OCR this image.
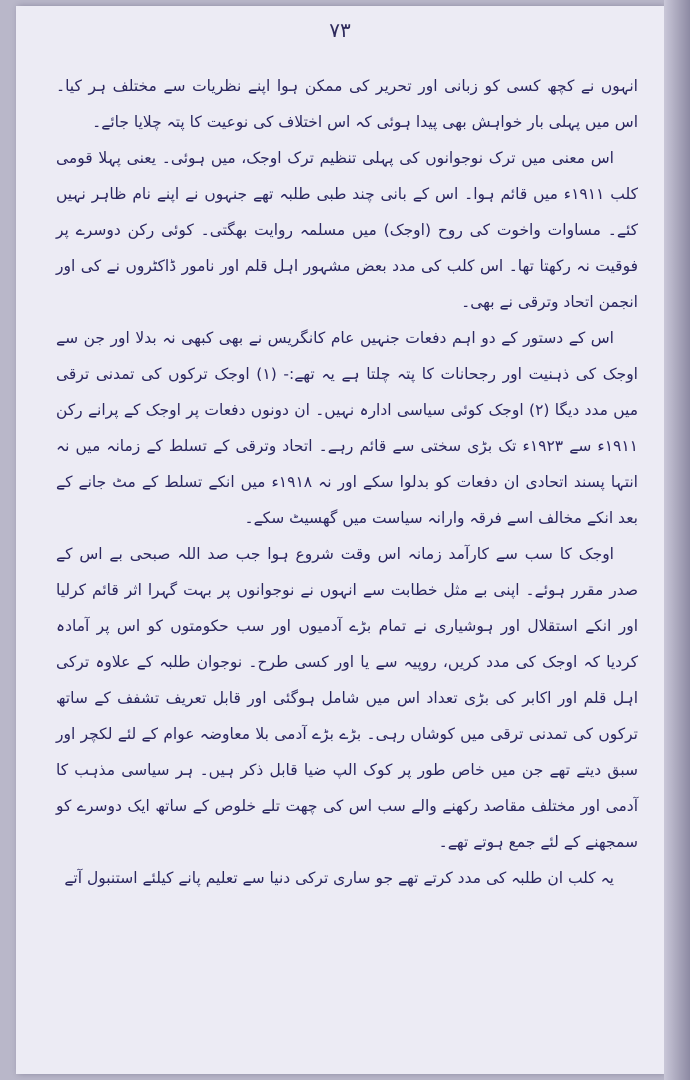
۷۳

انہوں نے کچھ کسی کو زبانی اور تحریر کی ممکن ہوا اپنے نظریات سے مختلف ہر کیا۔ اس میں پہلی بار خواہش بھی پیدا ہوئی کہ اس اختلاف کی نوعیت کا پتہ چلایا جائے۔

اس معنی میں ترک نوجوانوں کی پہلی تنظیم ترک اوجک، میں ہوئی۔ یعنی پہلا قومی کلب ۱۹۱۱ء میں قائم ہوا۔ اس کے بانی چند طبی طلبہ تھے جنہوں نے اپنے نام ظاہر نہیں کئے۔ مساوات واخوت کی روح (اوجک) میں مسلمہ روایت بھگتی۔ کوئی رکن دوسرے پر فوقیت نہ رکھتا تھا۔ اس کلب کی مدد بعض مشہور اہل قلم اور نامور ڈاکٹروں نے کی اور انجمن اتحاد وترقی نے بھی۔

اس کے دستور کے دو اہم دفعات جنہیں عام کانگریس نے بھی کبھی نہ بدلا اور جن سے اوجک کی ذہنیت اور رجحانات کا پتہ چلتا ہے یہ تھے:- (۱) اوجک ترکوں کی تمدنی ترقی میں مدد دیگا (۲) اوجک کوئی سیاسی ادارہ نہیں۔ ان دونوں دفعات پر اوجک کے پرانے رکن ۱۹۱۱ء سے ۱۹۲۳ء تک بڑی سختی سے قائم رہے۔ اتحاد وترقی کے تسلط کے زمانہ میں نہ انتہا پسند اتحادی ان دفعات کو بدلوا سکے اور نہ ۱۹۱۸ء میں انکے تسلط کے مٹ جانے کے بعد انکے مخالف اسے فرقہ وارانہ سیاست میں گھسیٹ سکے۔

اوجک کا سب سے کارآمد زمانہ اس وقت شروع ہوا جب صد اللہ صبحی بے اس کے صدر مقرر ہوئے۔ اپنی بے مثل خطابت سے انہوں نے نوجوانوں پر بہت گہرا اثر قائم کرلیا اور انکے استقلال اور ہوشیاری نے تمام بڑے آدمیوں اور سب حکومتوں کو اس پر آمادہ کردیا کہ اوجک کی مدد کریں، روپیہ سے یا اور کسی طرح۔ نوجوان طلبہ کے علاوہ ترکی اہل قلم اور اکابر کی بڑی تعداد اس میں شامل ہوگئی اور قابل تعریف تشفف کے ساتھ ترکوں کی تمدنی ترقی میں کوشاں رہی۔ بڑے بڑے آدمی بلا معاوضہ عوام کے لئے لکچر اور سبق دیتے تھے جن میں خاص طور پر کوک الپ ضیا قابل ذکر ہیں۔ ہر سیاسی مذہب کا آدمی اور مختلف مقاصد رکھنے والے سب اس کی چھت تلے خلوص کے ساتھ ایک دوسرے کو سمجھنے کے لئے جمع ہوتے تھے۔

یہ کلب ان طلبہ کی مدد کرتے تھے جو ساری ترکی دنیا سے تعلیم پانے کیلئے استنبول آتے
